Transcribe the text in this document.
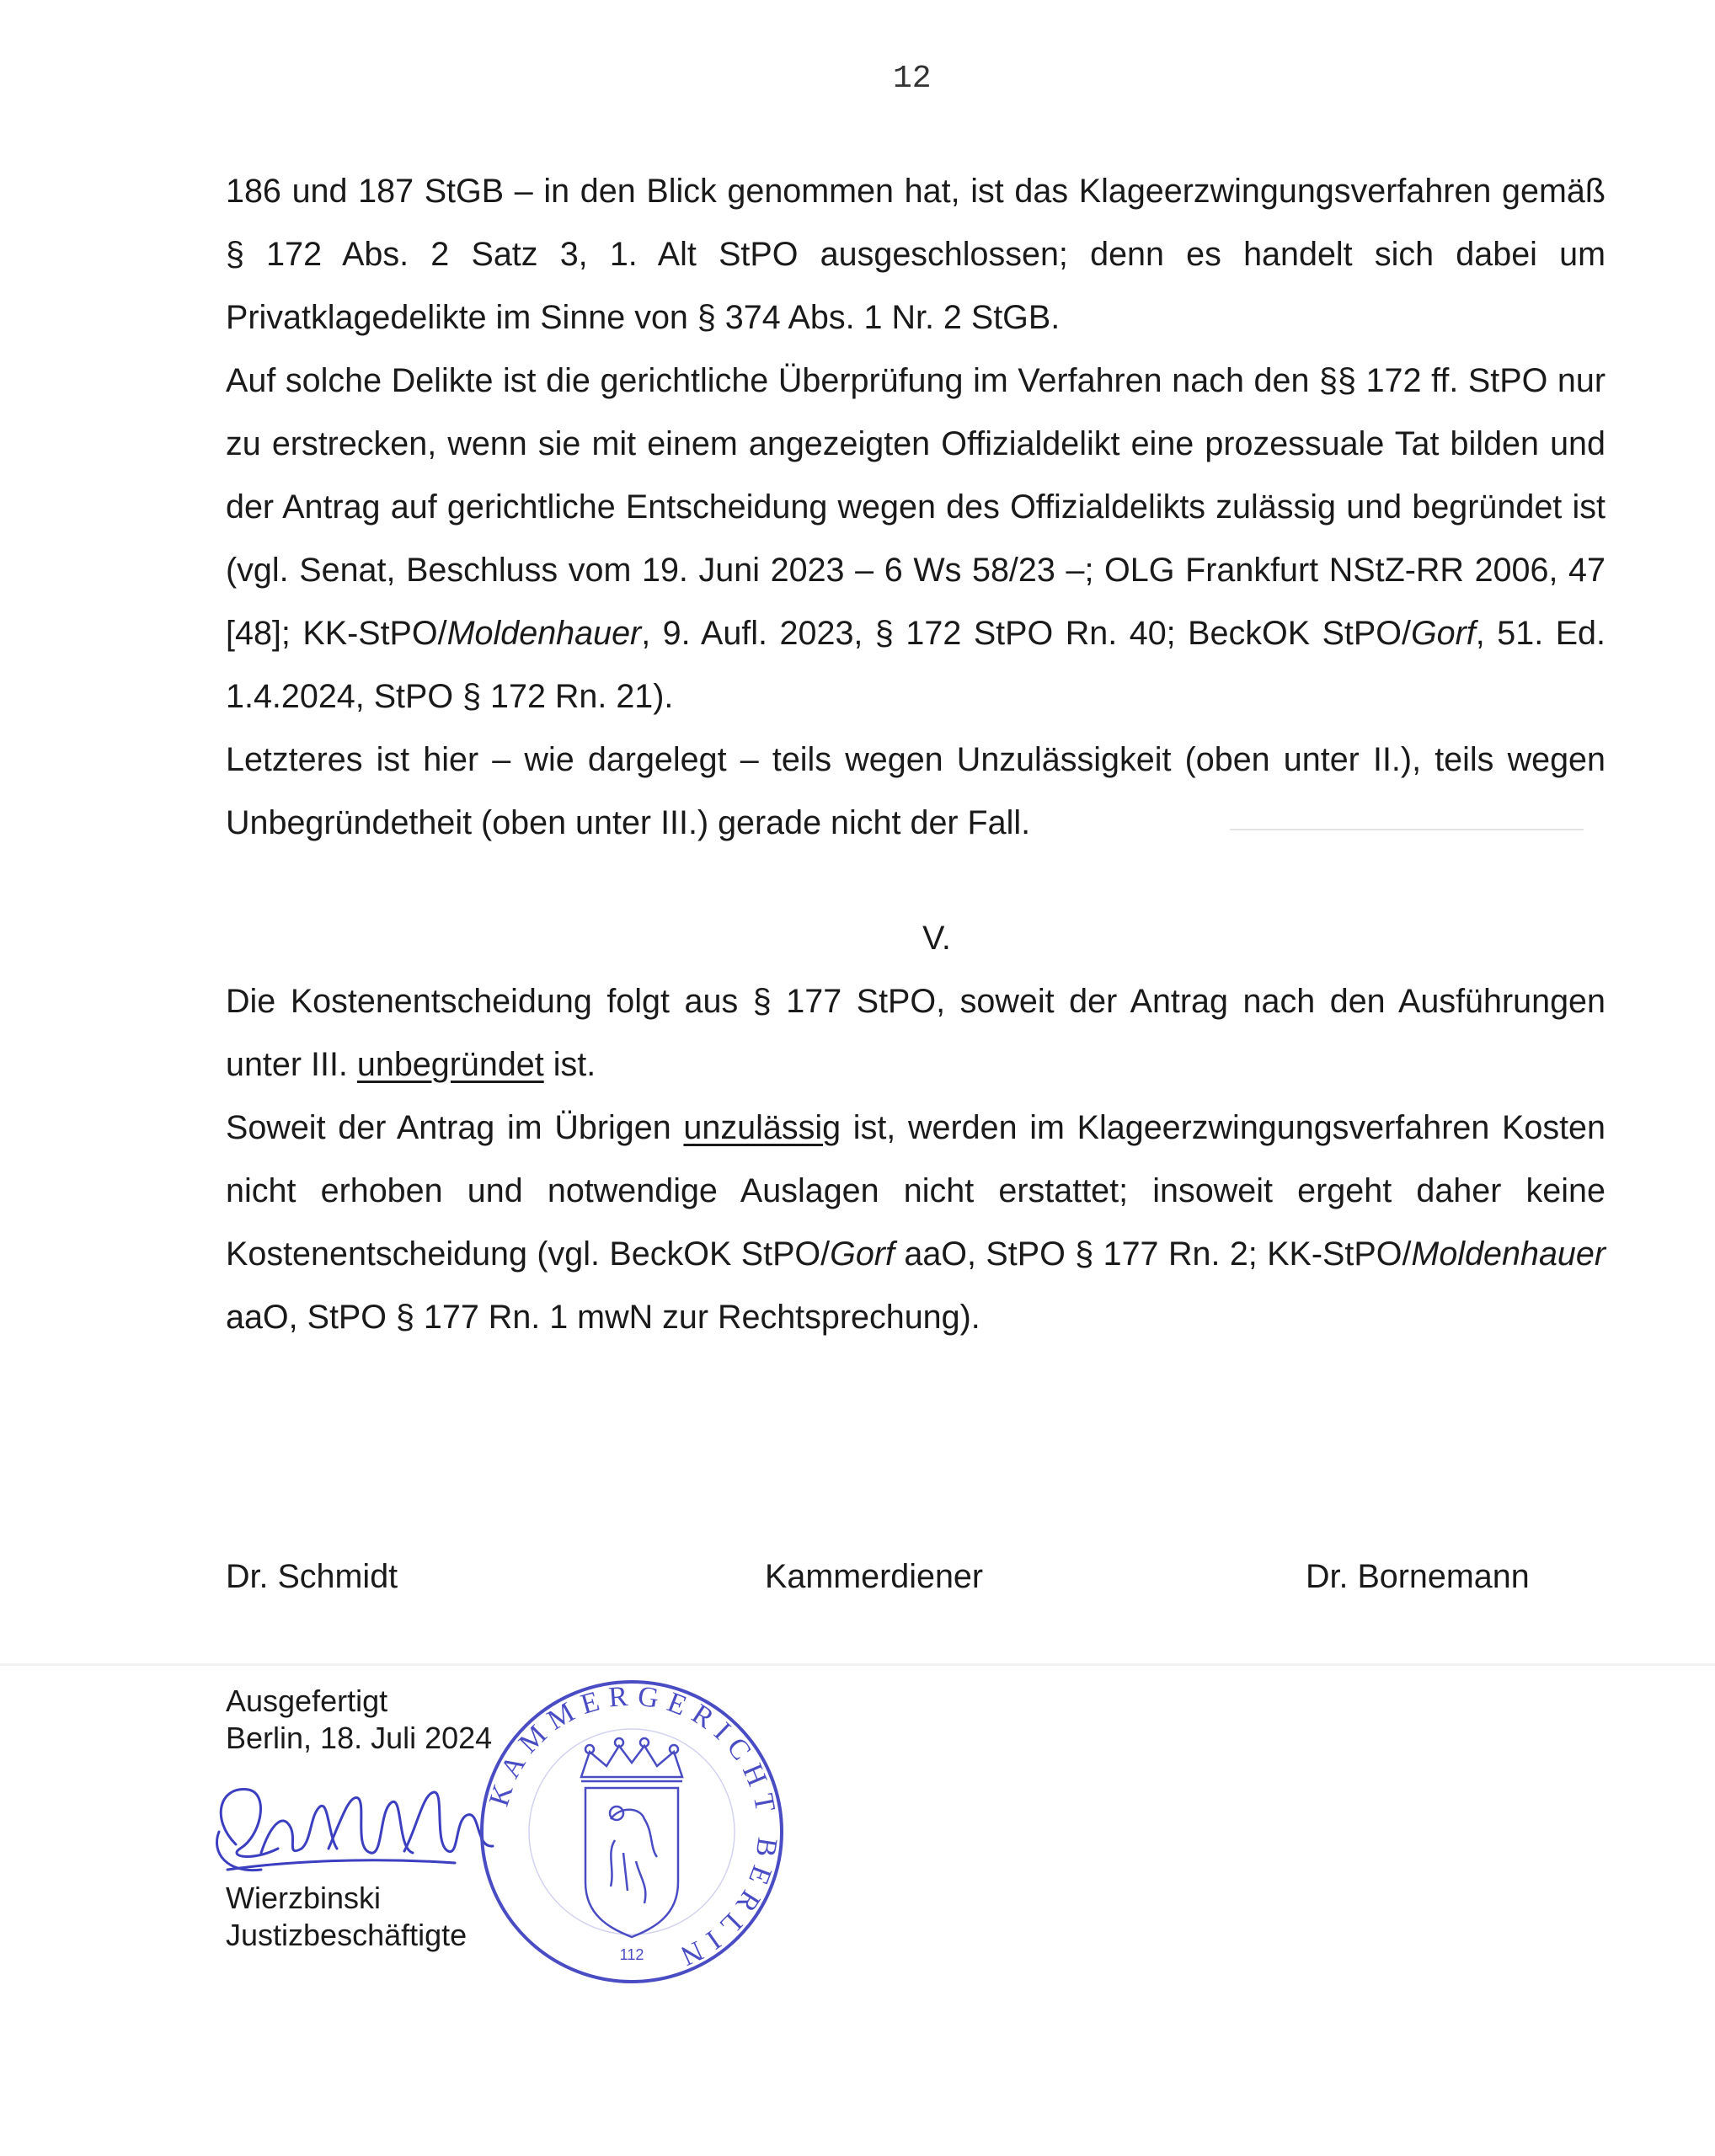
12

186 und 187 StGB – in den Blick genommen hat, ist das Klageerzwingungsverfahren gemäß § 172 Abs. 2 Satz 3, 1. Alt StPO ausgeschlossen; denn es handelt sich dabei um Privatklagedelikte im Sinne von § 374 Abs. 1 Nr. 2 StGB.

Auf solche Delikte ist die gerichtliche Überprüfung im Verfahren nach den §§ 172 ff. StPO nur zu erstrecken, wenn sie mit einem angezeigten Offizialdelikt eine prozessuale Tat bilden und der Antrag auf gerichtliche Entscheidung wegen des Offizialdelikts zulässig und begründet ist (vgl. Senat, Beschluss vom 19. Juni 2023 – 6 Ws 58/23 –; OLG Frankfurt NStZ-RR 2006, 47 [48]; KK-StPO/Moldenhauer, 9. Aufl. 2023, § 172 StPO Rn. 40; BeckOK StPO/Gorf, 51. Ed. 1.4.2024, StPO § 172 Rn. 21).

Letzteres ist hier – wie dargelegt – teils wegen Unzulässigkeit (oben unter II.), teils wegen Unbegründetheit (oben unter III.) gerade nicht der Fall.

V.

Die Kostenentscheidung folgt aus § 177 StPO, soweit der Antrag nach den Ausführungen unter III. unbegründet ist.

Soweit der Antrag im Übrigen unzulässig ist, werden im Klageerzwingungsverfahren Kosten nicht erhoben und notwendige Auslagen nicht erstattet; insoweit ergeht daher keine Kostenentscheidung (vgl. BeckOK StPO/Gorf aaO, StPO § 177 Rn. 2; KK-StPO/Moldenhauer aaO, StPO § 177 Rn. 1 mwN zur Rechtsprechung).

Dr. Schmidt	Kammerdiener	Dr. Bornemann
Ausgefertigt
Berlin, 18. Juli 2024
Wierzbinski
Justizbeschäftigte
KAMMERGERICHT BERLIN
112
